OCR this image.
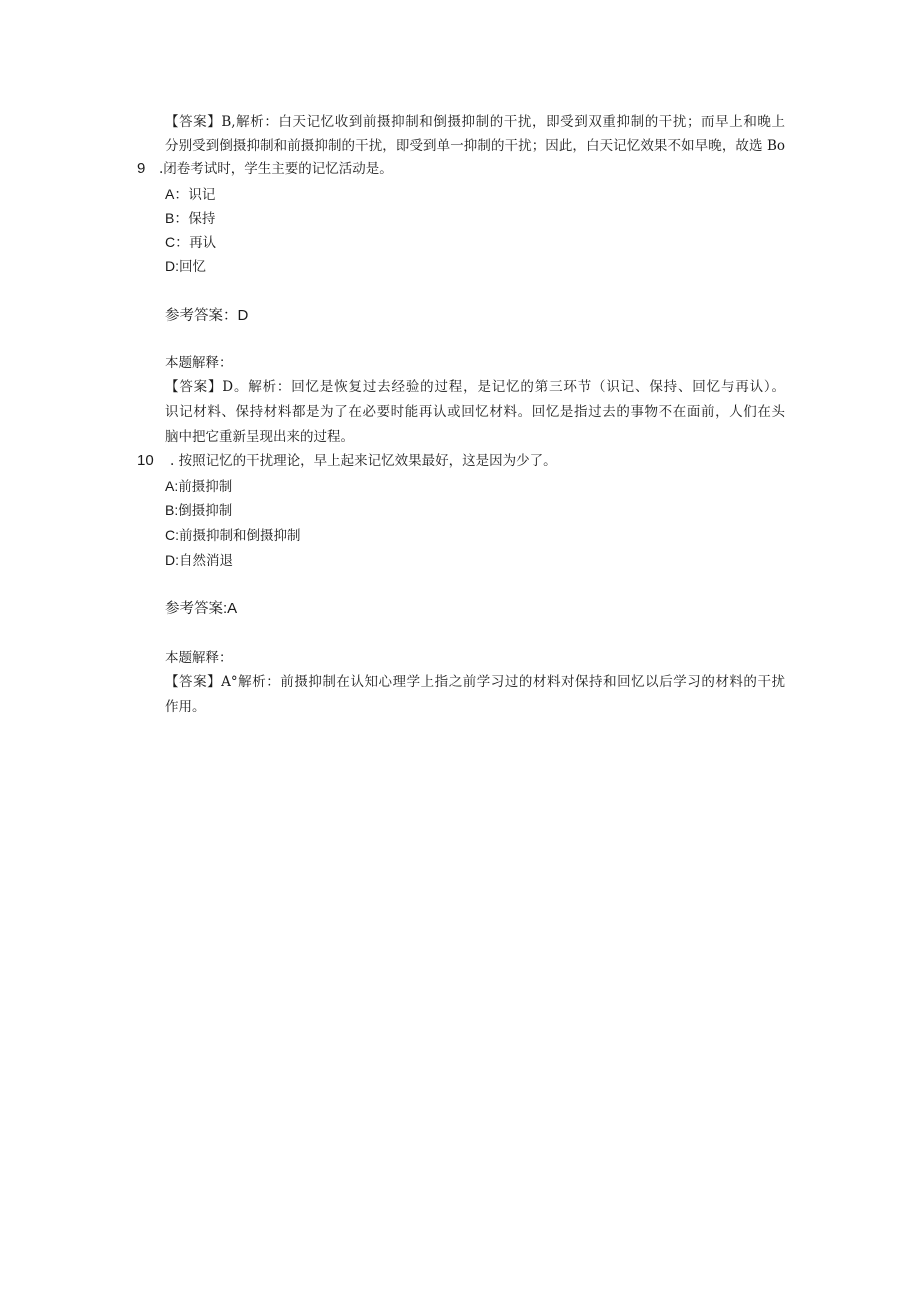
【答案】B,解析：白天记忆收到前摄抑制和倒摄抑制的干扰，即受到双重抑制的干扰；而早上和晚上
分别受到倒摄抑制和前摄抑制的干扰，即受到单一抑制的干扰；因此，白天记忆效果不如早晚，故选 Bo
9 .闭卷考试时，学生主要的记忆活动是。
A：识记
B：保持
C：再认
D:回忆
参考答案：D
本题解释：
【答案】D。解析：回忆是恢复过去经验的过程，是记忆的第三环节（识记、保持、回忆与再认）。
识记材料、保持材料都是为了在必要时能再认或回忆材料。回忆是指过去的事物不在面前，人们在头
脑中把它重新呈现出来的过程。
10 . 按照记忆的干扰理论，早上起来记忆效果最好，这是因为少了。
A:前摄抑制
B:倒摄抑制
C:前摄抑制和倒摄抑制
D:自然消退
参考答案:A
本题解释：
【答案】A°解析：前摄抑制在认知心理学上指之前学习过的材料对保持和回忆以后学习的材料的干扰
作用。
